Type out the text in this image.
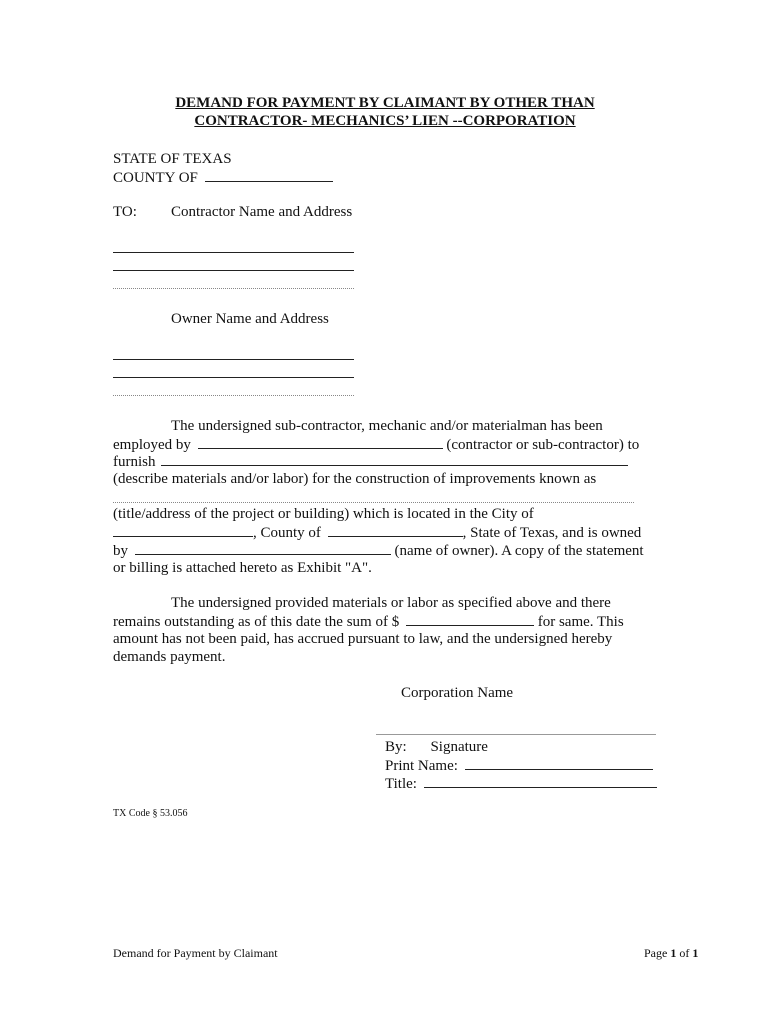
DEMAND FOR PAYMENT BY CLAIMANT BY OTHER THAN
CONTRACTOR- MECHANICS’ LIEN --CORPORATION
STATE OF TEXAS
COUNTY OF
TO: Contractor Name and Address
Owner Name and Address
The undersigned sub-contractor, mechanic and/or materialman has been
employed by	(contractor or sub-contractor) to
furnish
(describe materials and/or labor) for the construction of improvements known as
(title/address of the project or building) which is located in the City of
, County of	, State of Texas, and is owned
by	(name of owner). A copy of the statement
or billing is attached hereto as Exhibit "A".
The undersigned provided materials or labor as specified above and there
remains outstanding as of this date the sum of $	for same. This
amount has not been paid, has accrued pursuant to law, and the undersigned hereby
demands payment.
Corporation Name
By: Signature
Print Name:
Title:
TX Code § 53.056
Demand for Payment by Claimant	Page 1 of 1
